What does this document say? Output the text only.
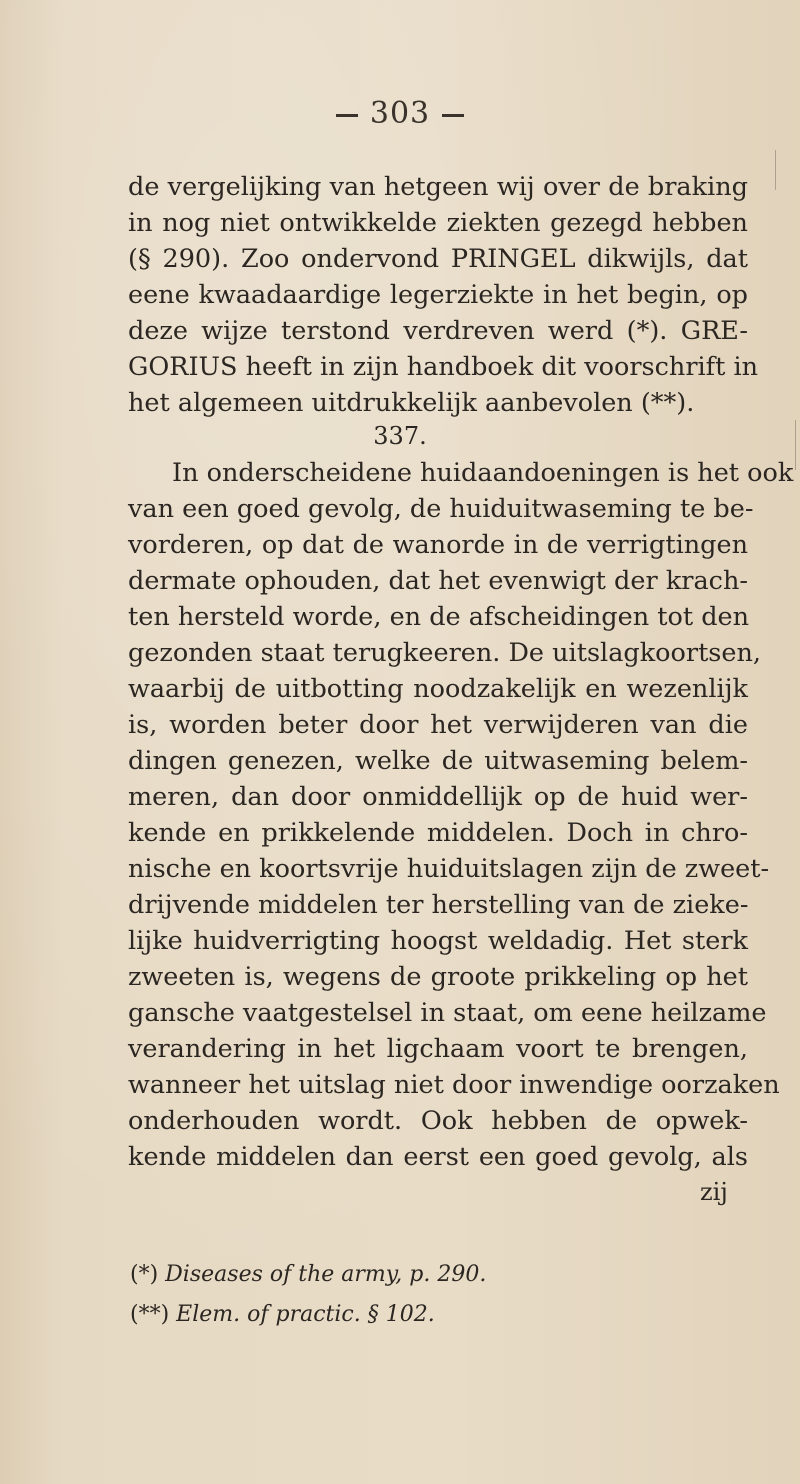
303
de vergelijking van hetgeen wij over de braking
in nog niet ontwikkelde ziekten gezegd hebben
(§ 290). Zoo ondervond PRINGEL dikwijls, dat
eene kwaadaardige legerziekte in het begin, op
deze wijze terstond verdreven werd (*). GRE-
GORIUS heeft in zijn handboek dit voorschrift in
het algemeen uitdrukkelijk aanbevolen (**).
337.
In onderscheidene huidaandoeningen is het ook
van een goed gevolg, de huiduitwaseming te be-
vorderen, op dat de wanorde in de verrigtingen
dermate ophouden, dat het evenwigt der krach-
ten hersteld worde, en de afscheidingen tot den
gezonden staat terugkeeren. De uitslagkoortsen,
waarbij de uitbotting noodzakelijk en wezenlijk
is, worden beter door het verwijderen van die
dingen genezen, welke de uitwaseming belem-
meren, dan door onmiddellijk op de huid wer-
kende en prikkelende middelen. Doch in chro-
nische en koortsvrije huiduitslagen zijn de zweet-
drijvende middelen ter herstelling van de zieke-
lijke huidverrigting hoogst weldadig. Het sterk
zweeten is, wegens de groote prikkeling op het
gansche vaatgestelsel in staat, om eene heilzame
verandering in het ligchaam voort te brengen,
wanneer het uitslag niet door inwendige oorzaken
onderhouden wordt. Ook hebben de opwek-
kende middelen dan eerst een goed gevolg, als
zij
(*) Diseases of the army, p. 290.
(**) Elem. of practic. § 102.
